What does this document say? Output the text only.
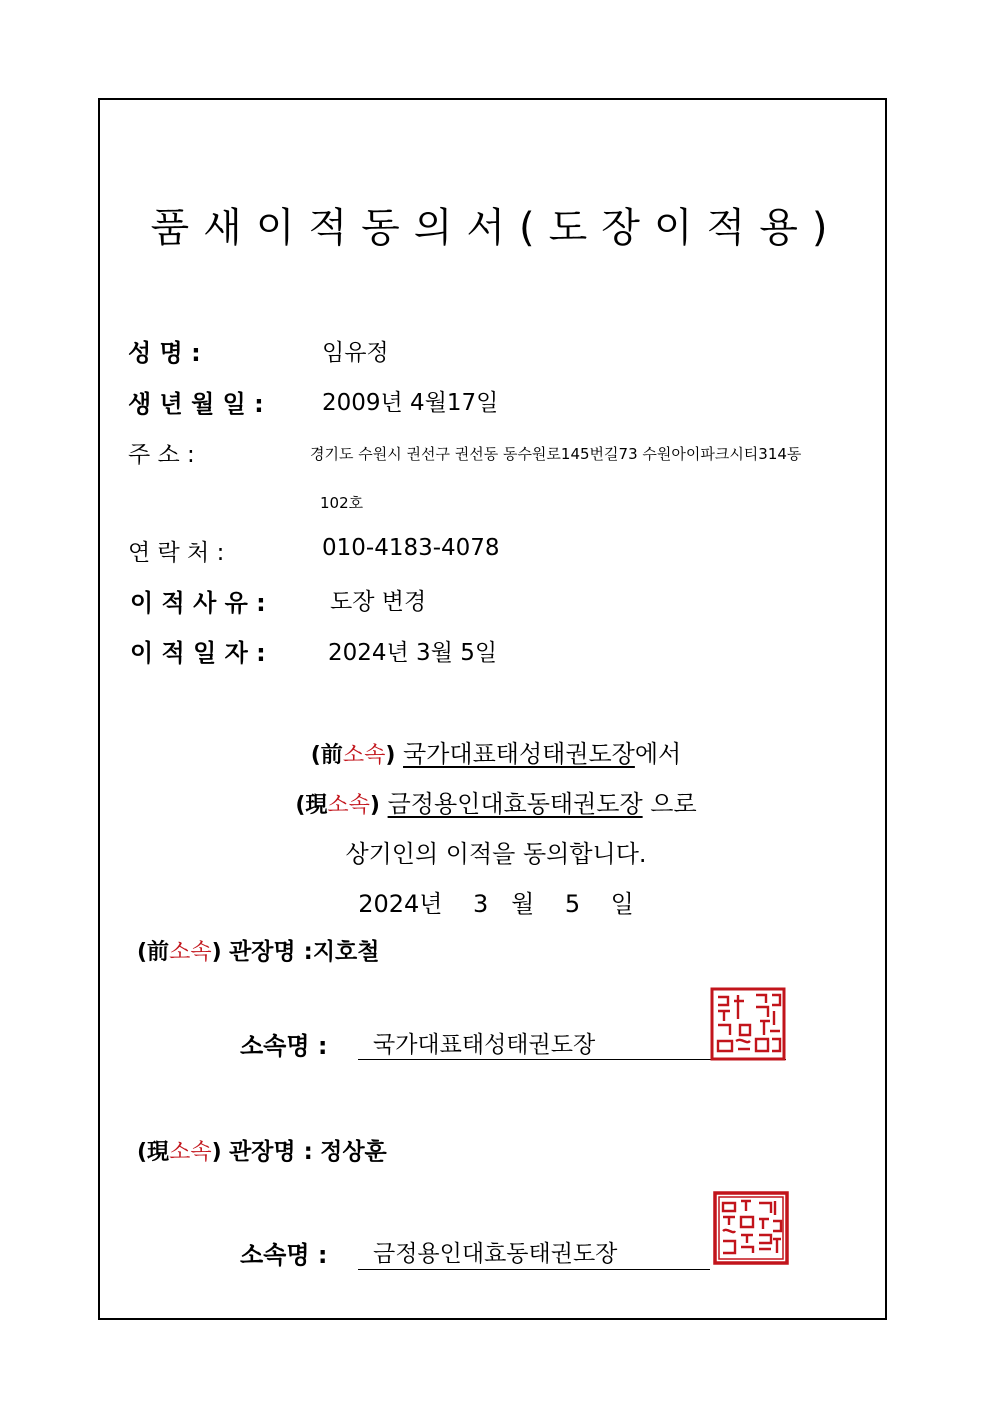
품새이적동의서(도장이적용)
성 명 :	임유정
생 년 월 일 :	2009년 4월17일
주 소 :	경기도 수원시 권선구 권선동 동수원로145번길73 수원아이파크시티314동
102호
연 락 처 :	010-4183-4078
이 적 사 유 :	도장 변경
이 적 일 자 :	2024년 3월 5일
(前소속) 국가대표태성태권도장에서
(現소속) 금정용인대효동태권도장 으로
상기인의 이적을 동의합니다.
2024년    3   월    5    일
(前소속) 관장명 :지호철
소속명 : 국가대표태성태권도장
(現소속) 관장명 : 정상훈
소속명 : 금정용인대효동태권도장
